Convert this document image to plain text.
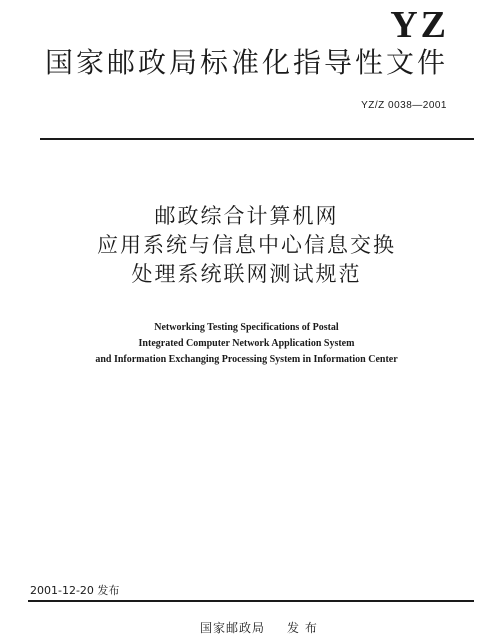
YZ
国家邮政局标准化指导性文件
YZ/Z 0038—2001
邮政综合计算机网
应用系统与信息中心信息交换
处理系统联网测试规范
Networking Testing Specifications of Postal
Integrated Computer Network Application System
and Information Exchanging Processing System in Information Center
2001-12-20 发布
国家邮政局 发 布
